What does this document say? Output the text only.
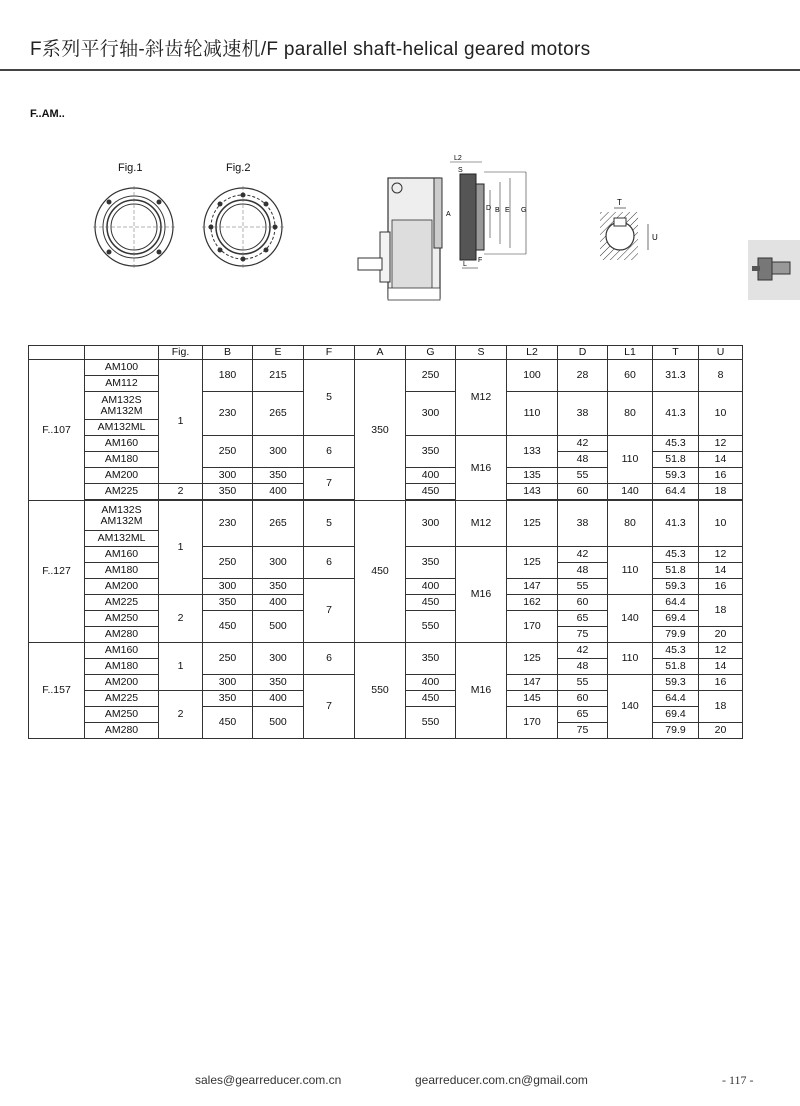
F系列平行轴-斜齿轮减速机/F parallel shaft-helical geared motors
F..AM..
Fig.1	Fig.2
L2
S
D B E G
L
F
A
T
U
		Fig.	B	E	F	A	G	S	L2	D	L1	T	U
F..107	AM100	1	180	215	5	350	250	M12	100	28	60	31.3	8
	AM112												
	AM132S
AM132M		230	265			300		110	38	80	41.3	10
	AM132ML												
	AM160		250	300	6		350	M16	133	42	110	45.3	12
	AM180									48		51.8	14
	AM200		300	350	7		400		135	55		59.3	16
	AM225	2	350	400			450		143	60	140	64.4	18

F..127	AM132S
AM132M	1	230	265	5	450	300	M12	125	38	80	41.3	10
	AM132ML												
	AM160		250	300	6		350	M16	125	42	110	45.3	12
	AM180									48		51.8	14
	AM200		300	350	7		400		147	55		59.3	16
	AM225	2	350	400			450		162	60	140	64.4	18
	AM250		450	500			550		170	65		69.4	
	AM280									75		79.9	20
F..157	AM160	1	250	300	6	550	350	M16	125	42	110	45.3	12
	AM180									48		51.8	14
	AM200		300	350	7		400		147	55	140	59.3	16
	AM225	2	350	400			450		145	60		64.4	18
	AM250		450	500			550		170	65		69.4	
	AM280									75		79.9	20
sales@gearreducer.com.cn	gearreducer.com.cn@gmail.com	- 117 -
